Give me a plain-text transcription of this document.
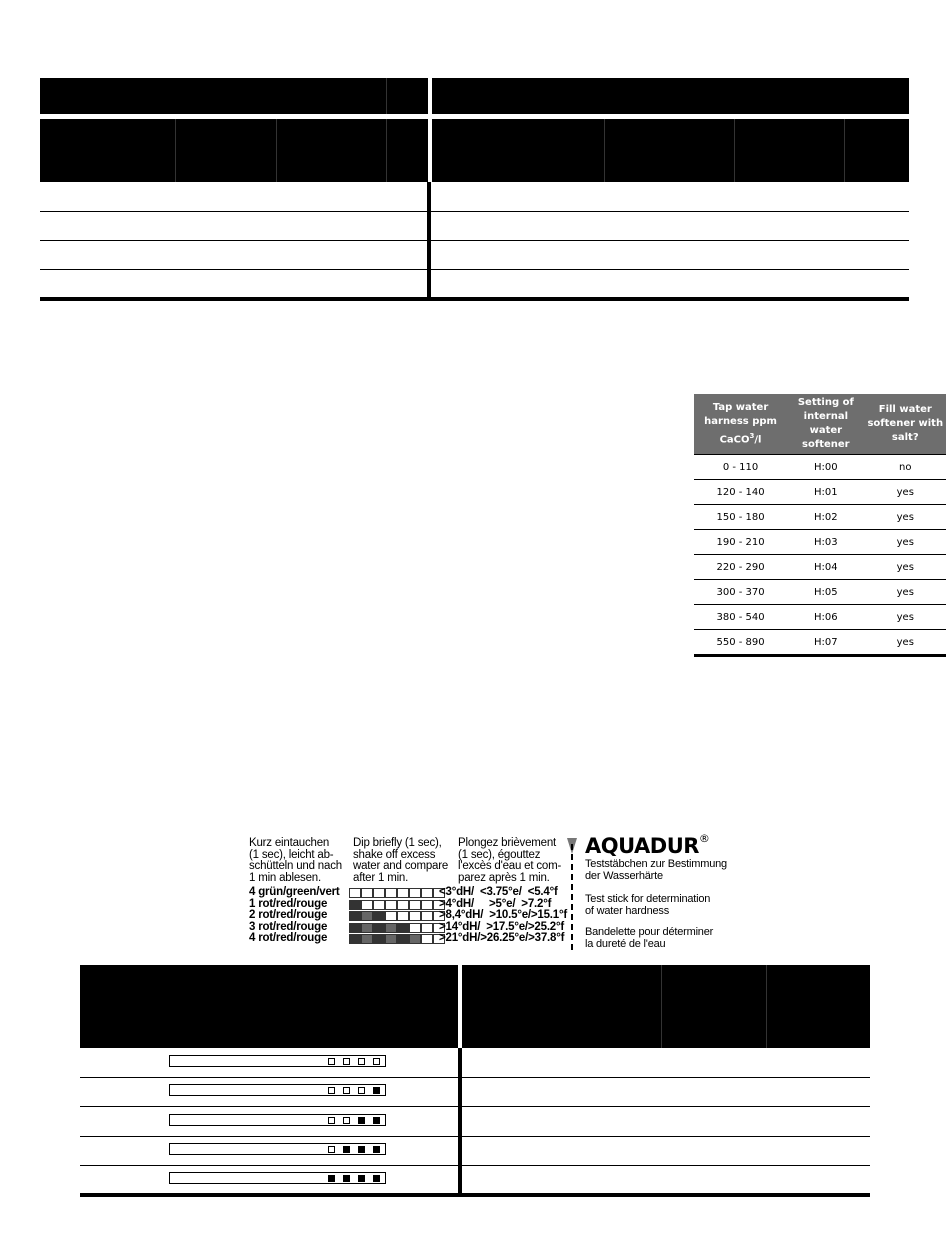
Tap water harness ppm CaCO$^3$/l	Setting of internal water softener	Fill water softener with salt?
0 - 110	H:00	no
120 - 140	H:01	yes
150 - 180	H:02	yes
190 - 210	H:03	yes
220 - 290	H:04	yes
300 - 370	H:05	yes
380 - 540	H:06	yes
550 - 890	H:07	yes
Kurz eintauchen
(1 sec), leicht ab-
schütteln und nach
1 min ablesen.
Dip briefly (1 sec),
shake off excess
water and compare
after 1 min.
Plongez brièvement
(1 sec), égouttez
l'excès d'eau et com-
parez après 1 min.
4 grün/green/vert	<3°dH/  <3.75°e/  <5.4°f
1 rot/red/rouge	>4°dH/     >5°e/  >7.2°f
2 rot/red/rouge	>8,4°dH/  >10.5°e/>15.1°f
3 rot/red/rouge	>14°dH/  >17.5°e/>25.2°f
4 rot/red/rouge	>21°dH/>26.25°e/>37.8°f
AQUADUR®
Teststäbchen zur Bestimmung
der Wasserhärte
Test stick for determination
of water hardness
Bandelette pour déterminer
la dureté de l'eau
